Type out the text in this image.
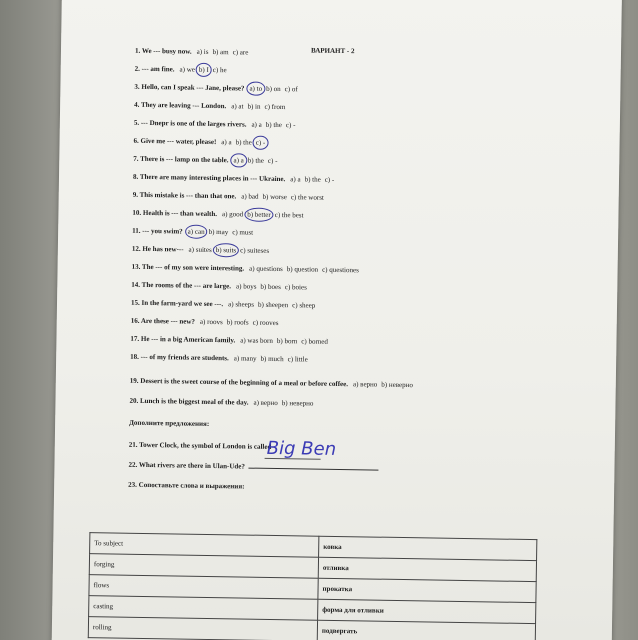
ВАРИАНТ - 2
1. We --- busy now. a) is b) am c) are
2. --- am fine. a) we b) I c) he
3. Hello, can I speak --- Jane, please? a) to b) on c) of
4. They are leaving --- London. a) at b) in c) from
5. --- Dnepr is one of the larges rivers. a) a b) the c) -
6. Give me --- water, please! a) a b) the c) -
7. There is --- lamp on the table. a) a b) the c) -
8. There are many interesting places in --- Ukraine. a) a b) the c) -
9. This mistake is --- than that one. a) bad b) worse c) the worst
10. Health is --- than wealth. a) good b) better c) the best
11. --- you swim? a) can b) may c) must
12. He has new--- a) suites b) suits c) suiteses
13. The --- of my son were interesting. a) questions b) question c) questiones
14. The rooms of the --- are large. a) boys b) boes c) boies
15. In the farm-yard we see ---. a) sheeps b) sheepen c) sheep
16. Are these --- new? a) roovs b) roofs c) rooves
17. He --- in a big American family. a) was born b) born c) borned
18. --- of my friends are students. a) many b) much c) little
19. Dessert is the sweet course of the beginning of a meal or before coffee. a) верно b) неверно
20. Lunch is the biggest meal of the day. a) верно b) неверно
Дополните предложения:
21. Tower Clock, the symbol of London is called
Big Ben
22. What rivers are there in Ulan-Ude?
23. Сопоставьте слова и выражения:
To subject	ковка
forging	отливка
flows	прокатка
casting	форма для отливки
rolling	подвергать
